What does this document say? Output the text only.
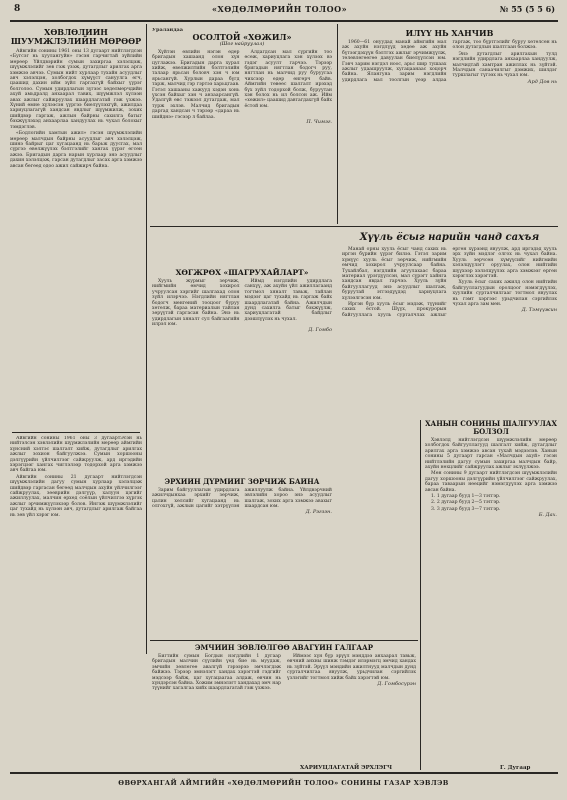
8	«ХӨДӨЛМӨРИЙН ТОЛОО»	№ 55 (5 5 6)
ХӨВЛӨЛИЙН ШУУМЖЛЭЛИЙН МӨРӨӨР

Айвгийн сонины 1961 оны 13 дугаарт нийтлэгдсэн «Бугсэг нь хуулангуйн» гэсэн гарчигтай зүйлийн мөрөөр Үйлдвэрийн сумын захиргаа хэлэлцэж, шүүмжлэлийг зөв гэж үзэж, дутагдлыг арилгах арга хэмжээ авчээ. Сумын нийт хурлаар тухайн асуудлыг авч хэлэлцэн, холбогдох хүмүүст сануулга өгч, цаашид дахин ийм зүйл гаргахгүй байхыг үүрэг болголоо. Сумын удирдлагын зүгээс хөдөлмөрчдийн ахуй амьдралд анхаарал тавих, шүүмжлэл хүлээн авах ажлыг сайжруулах шаардлагатай гэж үзжээ. Хүний өмнө хүлээсэн үүргээ биелүүлэхгүй, ажилдаа хариуцлагагүй хандсан явдлыг шүүмжилж, зохих шийдвэр гаргаж, ажлын байрны сахилга батыг бэхжүүлэхэд анхаарлаа хандуулах нь чухал болохыг тэмдэглэв.

«Бодлогийн хамтын ажил» гэсэн шүүмжлэлийн мөрөөр малчдын байрны асуудлыг авч хэлэлцэж, шинэ байрыг цаг хугацаанд нь барьж дуусгах, мал сүргээ өвөлжүүлэх бэлтгэлийг хангах үүрэг өгсөн ажээ. Бригадын дарга нарын хурлаар энэ асуудлыг дахин хэлэлцэж, гарсан дутагдлыг засах арга хэмжээ авсан бөгөөд одоо ажил сайжирч байна.

Айвгийн сонины 1961 оны 3 дугаартЭсэн нь нийтэлсэн хэвлэлийн шүүмжлэлийн мөрөөр аймгийн хүнсний хэлтэс шалгалт хийж, дутагдлыг арилгах ажлыг зохион байгуулжээ. Сумын хоршооны дэлгүүрийн үйлчилгээг сайжруулж, ард иргэдийн хэрэгцээг хангах чиглэлээр тодорхой арга хэмжээ авч байгаа юм.

Айвгийн сонины 21 дугаарт нийтлэгдсэн шүүмжлэлийн дагуу сумын хурлаар хэлэлцэж шийдвэр гаргасан бөгөөд малчдын ахуйн үйлчилгээг сайжруулах, зөөврийн дэлгүүр, халуун цэгийг ажиллуулах, малчин өрхөд соёлын үйлчилгээ хүргэх ажлыг эрчимжүүлэхээр болов. Ингэж шүүмжлэлийг цаг тухайд нь хүлээн авч, дутагдлыг арилгаж байгаа нь зөв үйл хэрэг юм.

Ураландаа
ОСОЛТОЙ «ХӨЖИЛ»
(Шог найруулал)

Хүйтэн өвлийн нэгэн өдөр бригадын хашаанд олон хүн цуглажээ. Бригадын дарга хурал хийж, өвөлжилтийн бэлтгэлийн талаар ярьсан боловч хэн ч юм ярьсангүй. Хурлын дараа бүгд тарж, малчид гэр гэртээ харьцгаав. Гэтэл хашааны хажууд хэдэн хонь үхсэн байхыг хэн ч анзаарсангүй. Удалгүй өвс тэжээл дутагдаж, мал турж эхлэв. Малчид бригадын даргад хандсан ч тэрээр «дараа нь шийднэ» гэсээр л байлаа.

Алдагдсан мал сүргийн тоо өсөж, хариуцлага хэн хүлээх вэ гэдэг асуулт гарчээ. Тэрээр бригадын нягтлан бодогч руу, нягтлан нь малчид руу буруугаа чихсээр өдөр өнгөрч байв. Аймгийн төвөөс шалгалт ирэхэд бүх зүйл тодорхой болж, буруутан хэн болох нь ил болсон аж. Ийм «хөжил» цаашид давтагдахгүй байх ёстой юм.

П. Чимэг.
ИЛҮҮ НЬ ХАНЧИВ

1960—61 онуудад манай аймгийн мал аж ахуйн нэгдлүүд хөдөө аж ахуйн бүтээгдэхүүн бэлтгэх ажлыг эрчимжүүлж, төлөвлөгөөгөө давуулан биелүүлсэн юм. Гэвч зарим нэгдэл ноос, арьс шир тушаах ажлыг удаашруулж, хугацаанаас хоцорч байна. Ялангуяа зарим нэгдлийн удирдлага мал тоолгын үеэр алдаа гаргаж, тоо бүртгэлийг буруу хөтөлсөн нь олон дутагдлын шалтгаан болжээ.

Энэ дутагдлыг арилгахын тулд нэгдлийн удирдлага анхаарлаа хандуулж, малчидтай хамтран ажиллах нь зүйтэй. Малчдын санаачилгыг дэмжих, шилдэг туршлагыг түгээх нь чухал юм.

Ард Дов нь
ХӨГЖРӨХ «ШАГРУХАЙЛАРТ»

Хууль журмыг зөрчиж, нийгмийн өмчид хохирол учруулсан хэргийг шалгахад олон зүйл илэрчээ. Нэгдлийн нягтлан бодогч мөнгөний тооцоог буруу хөтөлж, бараа материалын тайлан зөрүүтэй гаргасан байна. Энэ нь удирдлагын хяналт сул байгаагийн илрэл юм.

Иймд нэгдлийн удирдлага санхүү, аж ахуйн үйл ажиллагаанд тогтмол хяналт тавьж, тайлан мэдээг цаг тухайд нь гаргаж байх шаардлагатай байна. Ажилчдын дунд сахилга батыг бэхжүүлж, хариуцлагатай байдлыг дээшлүүлэх нь чухал.

Д. Гомбо
ЭРХИЙН ДҮРМИЙГ ЗӨРЧИЖ БАЙНА

Зарим байгууллагын удирдлага ажилчдынхаа эрхийг зөрчиж, цалин хөлсийг хугацаанд нь олгохгүй, ажлын цагийг хэтрүүлэн ажиллуулж байна. Үйлдвэрчний эвлэлийн хороо энэ асуудлыг шалгаж, зохих арга хэмжээ авахыг шаардсан юм.

Д. Рэгзэн.
Хүүль ёсыг нарийн чанд сахъя

Манай орны хууль ёсыг чанд сахих нь иргэн бүрийн үүрэг билээ. Гэтэл зарим хүмүүс хууль ёсыг зөрчиж, нийгмийн өмчид хохирол учруулсаар байна. Тухайлбал, нэгдлийн агуулахаас бараа материал үрэгдүүлсэн, мал сүрэгт хайнга хандсан явдал гарчээ. Хууль зүйн байгууллагууд энэ асуудлыг шалгаж, буруутай этгээдүүдэд хариуцлага хүлээлгэсэн юм.

Иргэн бүр хууль ёсыг мэдэж, түүнийг сахих ёстой. Шүүх, прокурорын байгууллага хууль сурталчлах ажлыг өргөн хүрээнд явуулж, ард иргэдэд хууль эрх зүйн мэдлэг олгох нь чухал байна. Хууль зөрчсөн хүмүүсийг нийгмийн хэлэлцүүлэгт оруулах, олон нийтийн шүүхээр хэлэлцүүлэх арга хэмжээг өргөн хэрэглэх хэрэгтэй.

Хууль ёсыг сахих ажилд олон нийтийн байгууллагуудын оролцоог нэмэгдүүлэх, хуулийн сурталчилгааг тогтмол явуулах нь гэмт хэргээс урьдчилан сэргийлэх чухал арга зам мөн.

Д. Тэмүүжин
ХАНЫН СОНИНЫ ШАЛГУУЛАХ БОЛЗОЛ

Хэвлэлд нийтлэгдсэн шүүмжлэлийн мөрөөр холбогдох байгууллагууд шалгалт хийж, дутагдлыг арилгах арга хэмжээ авсан тухай мэдээлэв. Ханын сонины 5 дугаарт гарсан «Малчдын ахуй» гэсэн нийтлэлийн дагуу сумын захиргаа малчдын байр, ахуйн нөхцлийг сайжруулах ажлыг эхлүүлжээ.

Мөн сонины 9 дугаарт нийтлэгдсэн шүүмжлэлийн дагуу хоршооны дэлгүүрийн үйлчилгээг сайжруулах, бараа таваарын нөөцийг нэмэгдүүлэх арга хэмжээ авсан байна.

1. 1 дугаар бууд 1—3 тэтгэр.

2. 2 дугаар бууд 2—5 тэтгэр.

3. 3 дугаар бууд 3—7 тэтгэр.

Б. Дах.
ЭМЧИЙН ЗӨВЛӨЛГӨӨ АВАГҮЙН ГАЛГААР

Бигтийн сумын Богдын нэгдлийн 1 дугаар бригадын малчин сүүлийн үед бие нь муудаж, эмчийн зөвлөгөө авалгүй гэрээрээ эмчлэгдэж байжээ. Тэрээр эмнэлэгт хандах хэрэгтэй гэдгийг мэдсээр байж, цаг хугацаагаа алдаж, өвчин нь хүндэрсэн байна. Хожим эмнэлэгт хандахад эмч нар түүнийг хагалгаа хийх шаардлагатай гэж үзжээ.

Иймээс хүн бүр эрүүл мэнддээ анхаарал тавьж, өвчний анхны шинж тэмдэг илэрмэгц эмчид хандах нь зүйтэй. Эрүүл мэндийн ажилтнууд малчдын дунд сурталчилгаа явуулж, урьдчилан сэргийлэх үзлэгийг тогтмол хийж байх хэрэгтэй юм.

Д. Гомбосүрэн
ХАРИУЦЛАГАТАЙ ЭРХЛЭГЧ	Г. Дугаар
ӨВӨРХАНГАЙ АЙМГИЙН «ХӨДӨЛМӨРИЙН ТОЛОО» СОНИНЫ ГАЗАР ХЭВЛЭВ
